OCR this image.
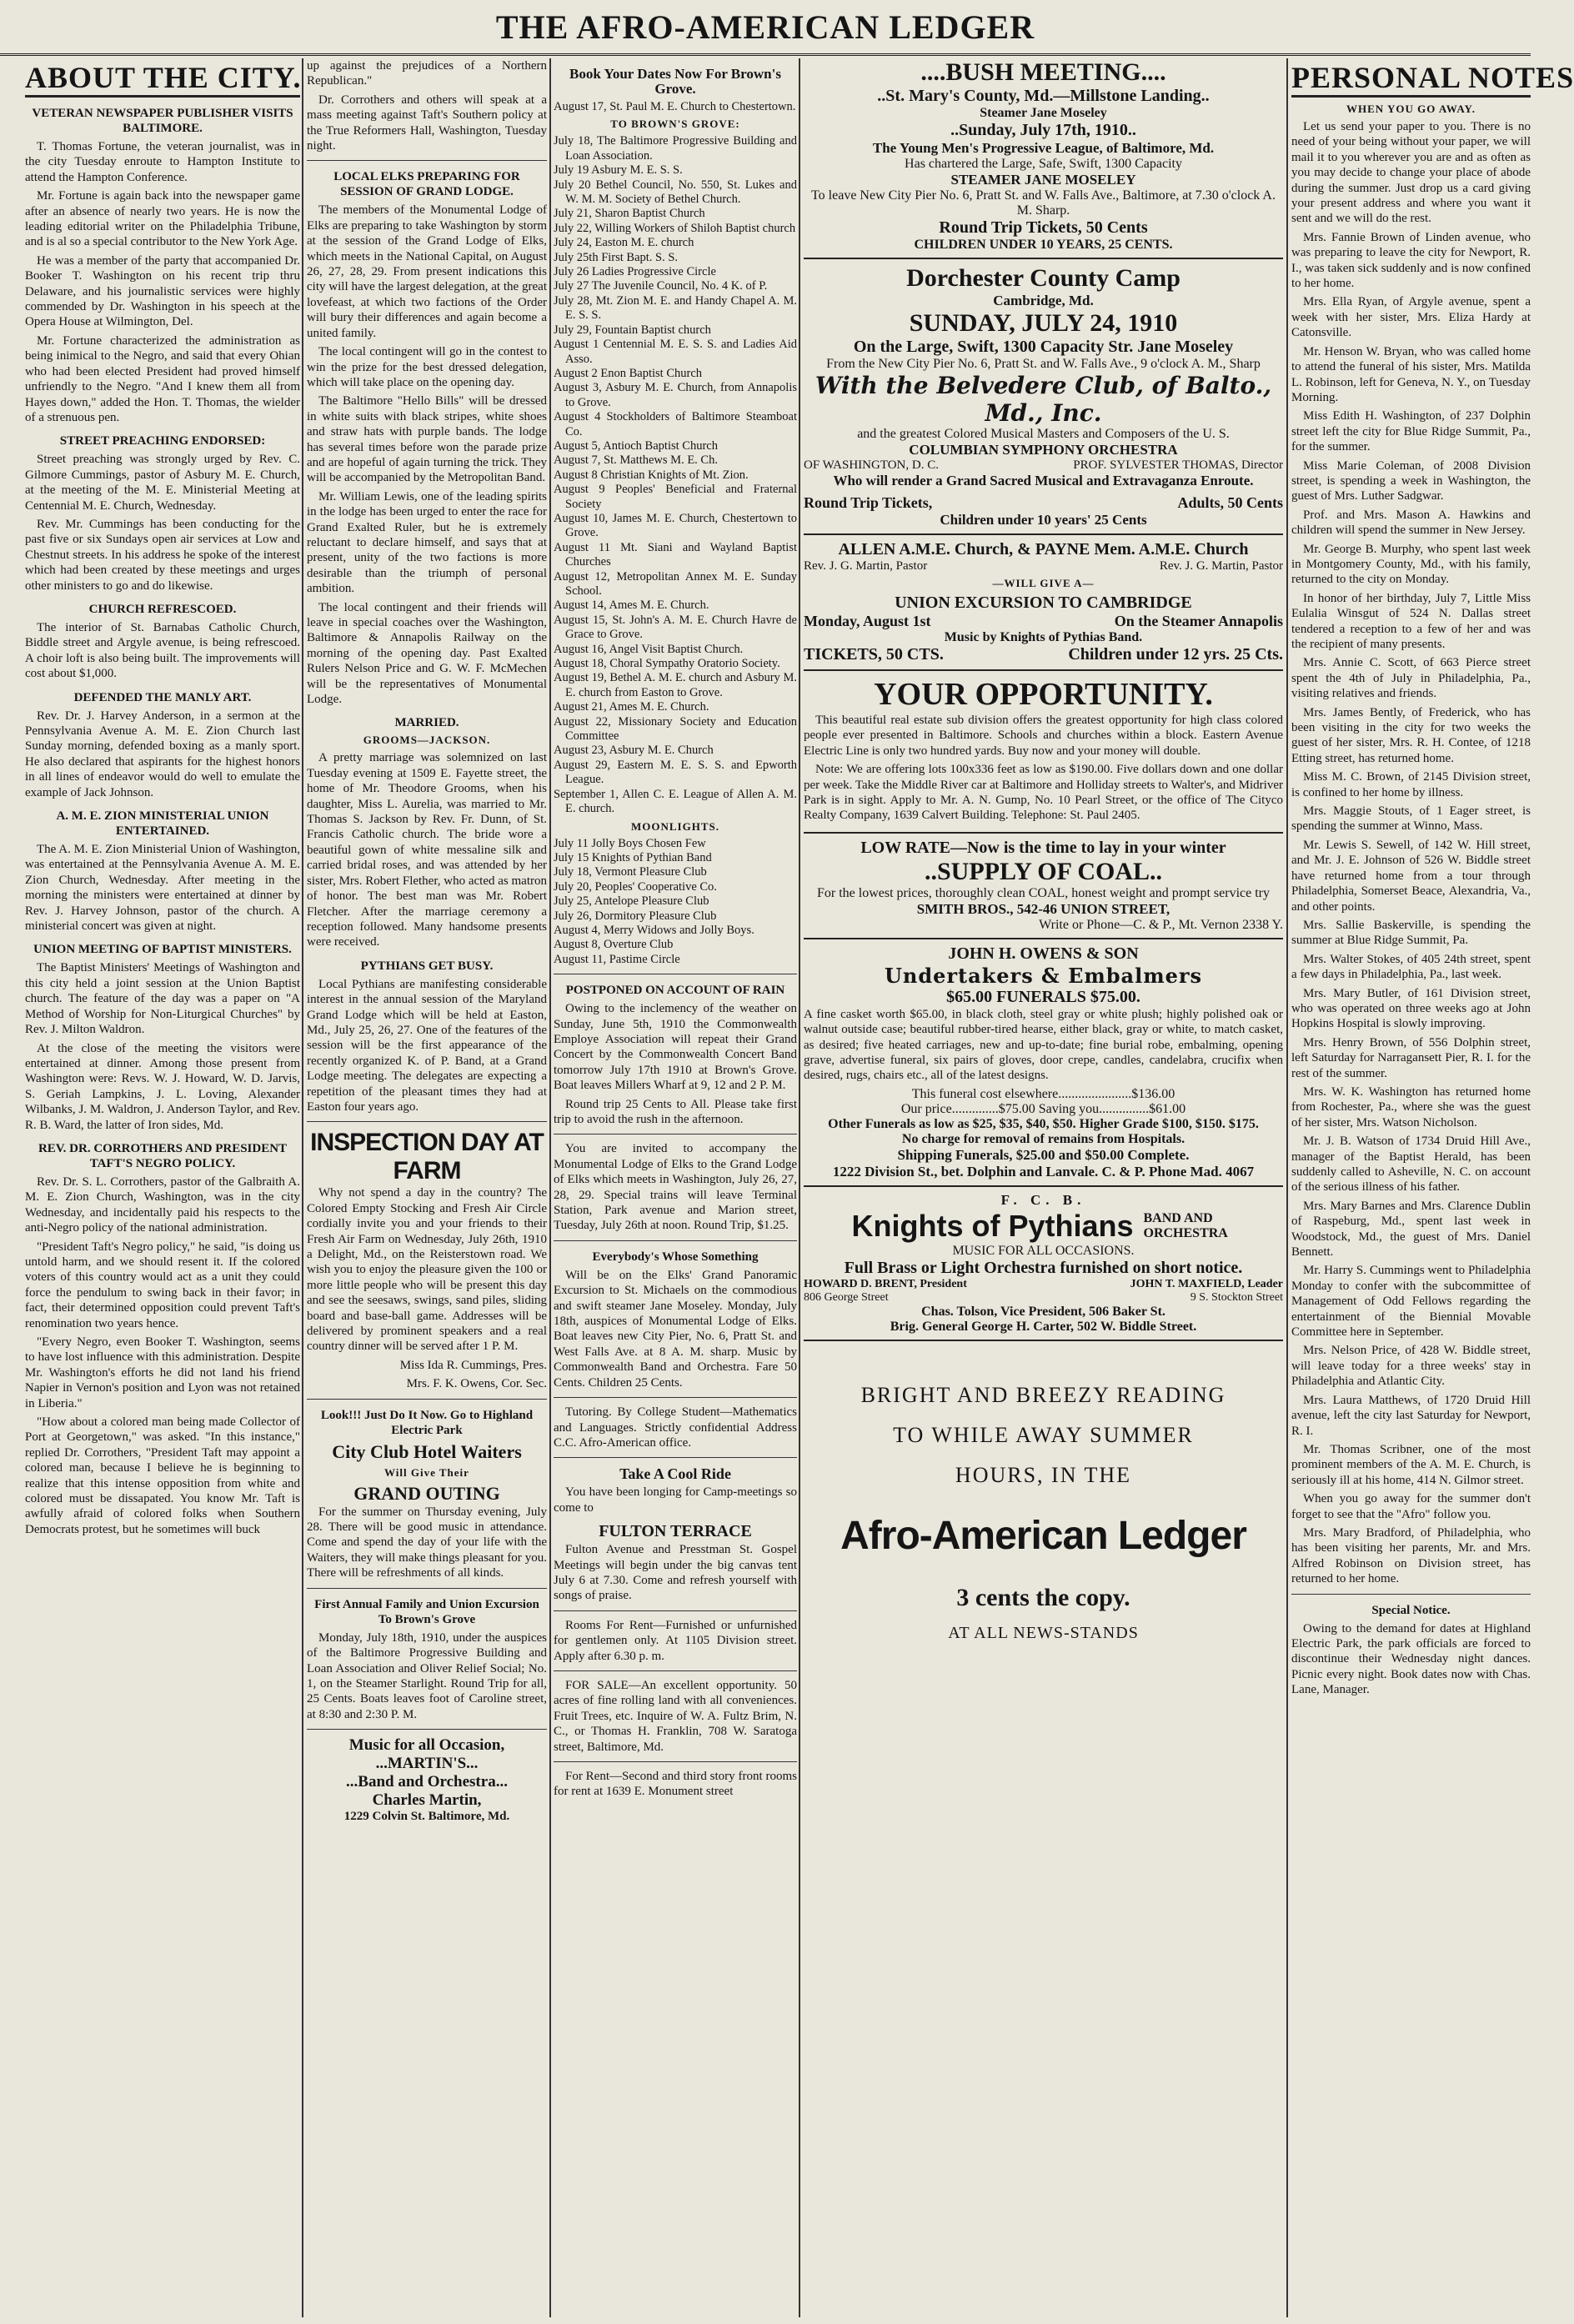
THE AFRO-AMERICAN LEDGER
ABOUT THE CITY.
VETERAN NEWSPAPER PUBLISHER VISITS BALTIMORE.

T. Thomas Fortune, the veteran journalist, was in the city Tuesday enroute to Hampton Institute to attend the Hampton Conference.

Mr. Fortune is again back into the newspaper game after an absence of nearly two years. He is now the leading editorial writer on the Philadelphia Tribune, and is al so a special contributor to the New York Age.

He was a member of the party that accompanied Dr. Booker T. Washington on his recent trip thru Delaware, and his journalistic services were highly commended by Dr. Washington in his speech at the Opera House at Wilmington, Del.

Mr. Fortune characterized the administration as being inimical to the Negro, and said that every Ohian who had been elected President had proved himself unfriendly to the Negro. "And I knew them all from Hayes down," added the Hon. T. Thomas, the wielder of a strenuous pen.

STREET PREACHING ENDORSED:

Street preaching was strongly urged by Rev. C. Gilmore Cummings, pastor of Asbury M. E. Church, at the meeting of the M. E. Ministerial Meeting at Centennial M. E. Church, Wednesday.

Rev. Mr. Cummings has been conducting for the past five or six Sundays open air services at Low and Chestnut streets. In his address he spoke of the interest which had been created by these meetings and urges other ministers to go and do likewise.

CHURCH REFRESCOED.

The interior of St. Barnabas Catholic Church, Biddle street and Argyle avenue, is being refrescoed. A choir loft is also being built. The improvements will cost about $1,000.

DEFENDED THE MANLY ART.

Rev. Dr. J. Harvey Anderson, in a sermon at the Pennsylvania Avenue A. M. E. Zion Church last Sunday morning, defended boxing as a manly sport. He also declared that aspirants for the highest honors in all lines of endeavor would do well to emulate the example of Jack Johnson.

A. M. E. ZION MINISTERIAL UNION ENTERTAINED.

The A. M. E. Zion Ministerial Union of Washington, was entertained at the Pennsylvania Avenue A. M. E. Zion Church, Wednesday. After meeting in the morning the ministers were entertained at dinner by Rev. J. Harvey Johnson, pastor of the church. A ministerial concert was given at night.

UNION MEETING OF BAPTIST MINISTERS.

The Baptist Ministers' Meetings of Washington and this city held a joint session at the Union Baptist church. The feature of the day was a paper on "A Method of Worship for Non-Liturgical Churches" by Rev. J. Milton Waldron.

At the close of the meeting the visitors were entertained at dinner. Among those present from Washington were: Revs. W. J. Howard, W. D. Jarvis, S. Geriah Lampkins, J. L. Loving, Alexander Wilbanks, J. M. Waldron, J. Anderson Taylor, and Rev. R. B. Ward, the latter of Iron sides, Md.

REV. DR. CORROTHERS AND PRESIDENT TAFT'S NEGRO POLICY.

Rev. Dr. S. L. Corrothers, pastor of the Galbraith A. M. E. Zion Church, Washington, was in the city Wednesday, and incidentally paid his respects to the anti-Negro policy of the national administration.

"President Taft's Negro policy," he said, "is doing us untold harm, and we should resent it. If the colored voters of this country would act as a unit they could force the pendulum to swing back in their favor; in fact, their determined opposition could prevent Taft's renomination two years hence.

"Every Negro, even Booker T. Washington, seems to have lost influence with this administration. Despite Mr. Washington's efforts he did not land his friend Napier in Vernon's position and Lyon was not retained in Liberia."

"How about a colored man being made Collector of Port at Georgetown," was asked. "In this instance," replied Dr. Corrothers, "President Taft may appoint a colored man, because I believe he is beginning to realize that this intense opposition from white and colored must be dissapated. You know Mr. Taft is awfully afraid of colored folks when Southern Democrats protest, but he sometimes will buck

up against the prejudices of a Northern Republican."

Dr. Corrothers and others will speak at a mass meeting against Taft's Southern policy at the True Reformers Hall, Washington, Tuesday night.

LOCAL ELKS PREPARING FOR SESSION OF GRAND LODGE.

The members of the Monumental Lodge of Elks are preparing to take Washington by storm at the session of the Grand Lodge of Elks, which meets in the National Capital, on August 26, 27, 28, 29. From present indications this city will have the largest delegation, at the great lovefeast, at which two factions of the Order will bury their differences and again become a united family.

The local contingent will go in the contest to win the prize for the best dressed delegation, which will take place on the opening day.

The Baltimore "Hello Bills" will be dressed in white suits with black stripes, white shoes and straw hats with purple bands. The lodge has several times before won the parade prize and are hopeful of again turning the trick. They will be accompanied by the Metropolitan Band.

Mr. William Lewis, one of the leading spirits in the lodge has been urged to enter the race for Grand Exalted Ruler, but he is extremely reluctant to declare himself, and says that at present, unity of the two factions is more desirable than the triumph of personal ambition.

The local contingent and their friends will leave in special coaches over the Washington, Baltimore & Annapolis Railway on the morning of the opening day. Past Exalted Rulers Nelson Price and G. W. F. McMechen will be the representatives of Monumental Lodge.

MARRIED.
GROOMS—JACKSON.

A pretty marriage was solemnized on last Tuesday evening at 1509 E. Fayette street, the home of Mr. Theodore Grooms, when his daughter, Miss L. Aurelia, was married to Mr. Thomas S. Jackson by Rev. Fr. Dunn, of St. Francis Catholic church. The bride wore a beautiful gown of white messaline silk and carried bridal roses, and was attended by her sister, Mrs. Robert Flether, who acted as matron of honor. The best man was Mr. Robert Fletcher. After the marriage ceremony a reception followed. Many handsome presents were received.

PYTHIANS GET BUSY.

Local Pythians are manifesting considerable interest in the annual session of the Maryland Grand Lodge which will be held at Easton, Md., July 25, 26, 27. One of the features of the session will be the first appearance of the recently organized K. of P. Band, at a Grand Lodge meeting. The delegates are expecting a repetition of the pleasant times they had at Easton four years ago.

INSPECTION DAY AT FARM

Why not spend a day in the country? The Colored Empty Stocking and Fresh Air Circle cordially invite you and your friends to their Fresh Air Farm on Wednesday, July 26th, 1910 a Delight, Md., on the Reisterstown road. We wish you to enjoy the pleasure given the 100 or more little people who will be present this day and see the seesaws, swings, sand piles, sliding board and base-ball game. Addresses will be delivered by prominent speakers and a real country dinner will be served after 1 P. M.

Miss Ida R. Cummings, Pres.

Mrs. F. K. Owens, Cor. Sec.

Look!!! Just Do It Now. Go to Highland Electric Park
City Club Hotel Waiters
Will Give Their
GRAND OUTING

For the summer on Thursday evening, July 28. There will be good music in attendance. Come and spend the day of your life with the Waiters, they will make things pleasant for you. There will be refreshments of all kinds.

First Annual Family and Union Excursion To Brown's Grove

Monday, July 18th, 1910, under the auspices of the Baltimore Progressive Building and Loan Association and Oliver Relief Social; No. 1, on the Steamer Starlight. Round Trip for all, 25 Cents. Boats leaves foot of Caroline street, at 8:30 and 2:30 P. M.

Music for all Occasion,
...MARTIN'S...
...Band and Orchestra...
Charles Martin,
1229 Colvin St. Baltimore, Md.
Book Your Dates Now For Brown's Grove.

August 17, St. Paul M. E. Church to Chestertown.

TO BROWN'S GROVE:

July 18, The Baltimore Progressive Building and Loan Association.

July 19 Asbury M. E. S. S.

July 20 Bethel Council, No. 550, St. Lukes and W. M. M. Society of Bethel Church.

July 21, Sharon Baptist Church

July 22, Willing Workers of Shiloh Baptist church

July 24, Easton M. E. church

July 25th First Bapt. S. S.

July 26 Ladies Progressive Circle

July 27 The Juvenile Council, No. 4 K. of P.

July 28, Mt. Zion M. E. and Handy Chapel A. M. E. S. S.

July 29, Fountain Baptist church

August 1 Centennial M. E. S. S. and Ladies Aid Asso.

August 2 Enon Baptist Church

August 3, Asbury M. E. Church, from Annapolis to Grove.

August 4 Stockholders of Baltimore Steamboat Co.

August 5, Antioch Baptist Church

August 7, St. Matthews M. E. Ch.

August 8 Christian Knights of Mt. Zion.

August 9 Peoples' Beneficial and Fraternal Society

August 10, James M. E. Church, Chestertown to Grove.

August 11 Mt. Siani and Wayland Baptist Churches

August 12, Metropolitan Annex M. E. Sunday School.

August 14, Ames M. E. Church.

August 15, St. John's A. M. E. Church Havre de Grace to Grove.

August 16, Angel Visit Baptist Church.

August 18, Choral Sympathy Oratorio Society.

August 19, Bethel A. M. E. church and Asbury M. E. church from Easton to Grove.

August 21, Ames M. E. Church.

August 22, Missionary Society and Education Committee

August 23, Asbury M. E. Church

August 29, Eastern M. E. S. S. and Epworth League.

September 1, Allen C. E. League of Allen A. M. E. church.

MOONLIGHTS.

July 11 Jolly Boys Chosen Few

July 15 Knights of Pythian Band

July 18, Vermont Pleasure Club

July 20, Peoples' Cooperative Co.

July 25, Antelope Pleasure Club

July 26, Dormitory Pleasure Club

August 4, Merry Widows and Jolly Boys.

August 8, Overture Club

August 11, Pastime Circle

POSTPONED ON ACCOUNT OF RAIN

Owing to the inclemency of the weather on Sunday, June 5th, 1910 the Commonwealth Employe Association will repeat their Grand Concert by the Commonwealth Concert Band tomorrow July 17th 1910 at Brown's Grove. Boat leaves Millers Wharf at 9, 12 and 2 P. M.

Round trip 25 Cents to All. Please take first trip to avoid the rush in the afternoon.

You are invited to accompany the Monumental Lodge of Elks to the Grand Lodge of Elks which meets in Washington, July 26, 27, 28, 29. Special trains will leave Terminal Station, Park avenue and Marion street, Tuesday, July 26th at noon. Round Trip, $1.25.

Everybody's Whose Something

Will be on the Elks' Grand Panoramic Excursion to St. Michaels on the commodious and swift steamer Jane Moseley. Monday, July 18th, auspices of Monumental Lodge of Elks. Boat leaves new City Pier, No. 6, Pratt St. and West Falls Ave. at 8 A. M. sharp. Music by Commonwealth Band and Orchestra. Fare 50 Cents. Children 25 Cents.

Tutoring. By College Student—Mathematics and Languages. Strictly confidential Address C.C. Afro-American office.

Take A Cool Ride

You have been longing for Camp-meetings so come to

FULTON TERRACE

Fulton Avenue and Presstman St. Gospel Meetings will begin under the big canvas tent July 6 at 7.30. Come and refresh yourself with songs of praise.

Rooms For Rent—Furnished or unfurnished for gentlemen only. At 1105 Division street. Apply after 6.30 p. m.

FOR SALE—An excellent opportunity. 50 acres of fine rolling land with all conveniences. Fruit Trees, etc. Inquire of W. A. Fultz Brim, N. C., or Thomas H. Franklin, 708 W. Saratoga street, Baltimore, Md.

For Rent—Second and third story front rooms for rent at 1639 E. Monument street

....BUSH MEETING....
..St. Mary's County, Md.—Millstone Landing..
Steamer Jane Moseley
..Sunday, July 17th, 1910..
The Young Men's Progressive League, of Baltimore, Md.
Has chartered the Large, Safe, Swift, 1300 Capacity
STEAMER JANE MOSELEY
To leave New City Pier No. 6, Pratt St. and W. Falls Ave., Baltimore, at 7.30 o'clock A. M. Sharp.
Round Trip Tickets, 50 Cents
CHILDREN UNDER 10 YEARS, 25 CENTS.
Dorchester County Camp
Cambridge, Md.
SUNDAY, JULY 24, 1910
On the Large, Swift, 1300 Capacity Str. Jane Moseley
From the New City Pier No. 6, Pratt St. and W. Falls Ave., 9 o'clock A. M., Sharp
With the Belvedere Club, of Balto., Md., Inc.
and the greatest Colored Musical Masters and Composers of the U. S.
COLUMBIAN SYMPHONY ORCHESTRA
OF WASHINGTON, D. C.	PROF. SYLVESTER THOMAS, Director
Who will render a Grand Sacred Musical and Extravaganza Enroute.
Round Trip Tickets,	Adults, 50 Cents
Children under 10 years' 25 Cents
ALLEN A.M.E. Church, & PAYNE Mem. A.M.E. Church
Rev. J. G. Martin, Pastor	Rev. J. G. Martin, Pastor
—WILL GIVE A—
UNION EXCURSION TO CAMBRIDGE
Monday, August 1st	On the Steamer Annapolis
Music by Knights of Pythias Band.
TICKETS, 50 CTS.	Children under 12 yrs. 25 Cts.
YOUR OPPORTUNITY.

This beautiful real estate sub division offers the greatest opportunity for high class colored people ever presented in Baltimore. Schools and churches within a block. Eastern Avenue Electric Line is only two hundred yards. Buy now and your money will double.

Note: We are offering lots 100x336 feet as low as $190.00. Five dollars down and one dollar per week. Take the Middle River car at Baltimore and Holliday streets to Walter's, and Midriver Park is in sight. Apply to Mr. A. N. Gump, No. 10 Pearl Street, or the office of The Cityco Realty Company, 1639 Calvert Building. Telephone: St. Paul 2405.

LOW RATE—Now is the time to lay in your winter
..SUPPLY OF COAL..
For the lowest prices, thoroughly clean COAL, honest weight and prompt service try
SMITH BROS., 542-46 UNION STREET,
Write or Phone—C. & P., Mt. Vernon 2338 Y.
JOHN H. OWENS & SON
Undertakers & Embalmers
$65.00 FUNERALS $75.00.

A fine casket worth $65.00, in black cloth, steel gray or white plush; highly polished oak or walnut outside case; beautiful rubber-tired hearse, either black, gray or white, to match casket, as desired; five heated carriages, new and up-to-date; fine burial robe, embalming, opening grave, advertise funeral, six pairs of gloves, door crepe, candles, candelabra, crucifix when desired, rugs, chairs etc., all of the latest designs.

This funeral cost elsewhere......................$136.00
Our price..............$75.00 Saving you...............$61.00
Other Funerals as low as $25, $35, $40, $50. Higher Grade $100, $150. $175.
No charge for removal of remains from Hospitals.
Shipping Funerals, $25.00 and $50.00 Complete.
1222 Division St., bet. Dolphin and Lanvale. C. & P. Phone Mad. 4067
F. C. B.
Knights of Pythians BAND AND ORCHESTRA
MUSIC FOR ALL OCCASIONS.
Full Brass or Light Orchestra furnished on short notice.
HOWARD D. BRENT, President	JOHN T. MAXFIELD, Leader
806 George Street	9 S. Stockton Street
Chas. Tolson, Vice President, 506 Baker St.
Brig. General George H. Carter, 502 W. Biddle Street.
BRIGHT AND BREEZY READING
TO WHILE AWAY SUMMER
HOURS, IN THE
Afro-American Ledger
3 cents the copy.
AT ALL NEWS-STANDS
PERSONAL NOTES
WHEN YOU GO AWAY.

Let us send your paper to you. There is no need of your being without your paper, we will mail it to you wherever you are and as often as you may decide to change your place of abode during the summer. Just drop us a card giving your present address and where you want it sent and we will do the rest.

Mrs. Fannie Brown of Linden avenue, who was preparing to leave the city for Newport, R. I., was taken sick suddenly and is now confined to her home.

Mrs. Ella Ryan, of Argyle avenue, spent a week with her sister, Mrs. Eliza Hardy at Catonsville.

Mr. Henson W. Bryan, who was called home to attend the funeral of his sister, Mrs. Matilda L. Robinson, left for Geneva, N. Y., on Tuesday Morning.

Miss Edith H. Washington, of 237 Dolphin street left the city for Blue Ridge Summit, Pa., for the summer.

Miss Marie Coleman, of 2008 Division street, is spending a week in Washington, the guest of Mrs. Luther Sadgwar.

Prof. and Mrs. Mason A. Hawkins and children will spend the summer in New Jersey.

Mr. George B. Murphy, who spent last week in Montgomery County, Md., with his family, returned to the city on Monday.

In honor of her birthday, July 7, Little Miss Eulalia Winsgut of 524 N. Dallas street tendered a reception to a few of her and was the recipient of many presents.

Mrs. Annie C. Scott, of 663 Pierce street spent the 4th of July in Philadelphia, Pa., visiting relatives and friends.

Mrs. James Bently, of Frederick, who has been visiting in the city for two weeks the guest of her sister, Mrs. R. H. Contee, of 1218 Etting street, has returned home.

Miss M. C. Brown, of 2145 Division street, is confined to her home by illness.

Mrs. Maggie Stouts, of 1 Eager street, is spending the summer at Winno, Mass.

Mr. Lewis S. Sewell, of 142 W. Hill street, and Mr. J. E. Johnson of 526 W. Biddle street have returned home from a tour through Philadelphia, Somerset Beace, Alexandria, Va., and other points.

Mrs. Sallie Baskerville, is spending the summer at Blue Ridge Summit, Pa.

Mrs. Walter Stokes, of 405 24th street, spent a few days in Philadelphia, Pa., last week.

Mrs. Mary Butler, of 161 Division street, who was operated on three weeks ago at John Hopkins Hospital is slowly improving.

Mrs. Henry Brown, of 556 Dolphin street, left Saturday for Narragansett Pier, R. I. for the rest of the summer.

Mrs. W. K. Washington has returned home from Rochester, Pa., where she was the guest of her sister, Mrs. Watson Nicholson.

Mr. J. B. Watson of 1734 Druid Hill Ave., manager of the Baptist Herald, has been suddenly called to Asheville, N. C. on account of the serious illness of his father.

Mrs. Mary Barnes and Mrs. Clarence Dublin of Raspeburg, Md., spent last week in Woodstock, Md., the guest of Mrs. Daniel Bennett.

Mr. Harry S. Cummings went to Philadelphia Monday to confer with the subcommittee of Management of Odd Fellows regarding the entertainment of the Biennial Movable Committee here in September.

Mrs. Nelson Price, of 428 W. Biddle street, will leave today for a three weeks' stay in Philadelphia and Atlantic City.

Mrs. Laura Matthews, of 1720 Druid Hill avenue, left the city last Saturday for Newport, R. I.

Mr. Thomas Scribner, one of the most prominent members of the A. M. E. Church, is seriously ill at his home, 414 N. Gilmor street.

When you go away for the summer don't forget to see that the "Afro" follow you.

Mrs. Mary Bradford, of Philadelphia, who has been visiting her parents, Mr. and Mrs. Alfred Robinson on Division street, has returned to her home.

Special Notice.

Owing to the demand for dates at Highland Electric Park, the park officials are forced to discontinue their Wednesday night dances. Picnic every night. Book dates now with Chas. Lane, Manager.
